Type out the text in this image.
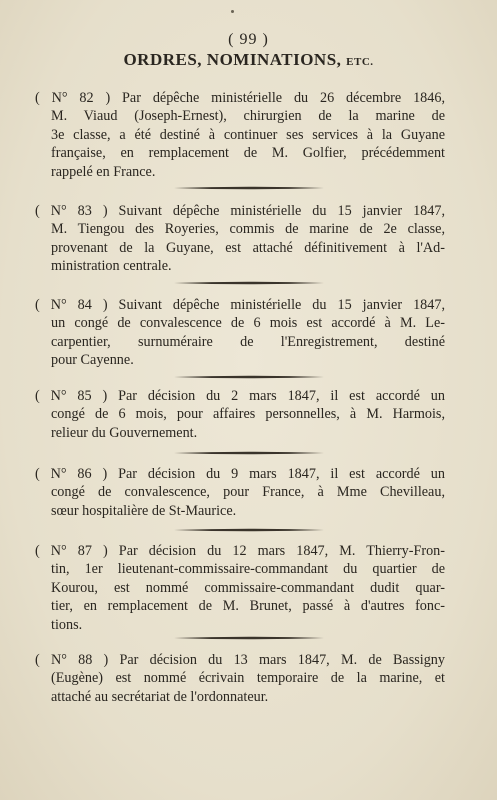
( 99 )
ORDRES, NOMINATIONS, ETC.
( N° 82 ) Par dépêche ministérielle du 26 décembre 1846,
M. Viaud (Joseph-Ernest), chirurgien de la marine de
3e classe, a été destiné à continuer ses services à la Guyane
française, en remplacement de M. Golfier, précédemment
rappelé en France.
( N° 83 ) Suivant dépêche ministérielle du 15 janvier 1847,
M. Tiengou des Royeries, commis de marine de 2e classe,
provenant de la Guyane, est attaché définitivement à l'Ad-
ministration centrale.
( N° 84 ) Suivant dépêche ministérielle du 15 janvier 1847,
un congé de convalescence de 6 mois est accordé à M. Le-
carpentier, surnuméraire de l'Enregistrement, destiné
pour Cayenne.
( N° 85 ) Par décision du 2 mars 1847, il est accordé un
congé de 6 mois, pour affaires personnelles, à M. Harmois,
relieur du Gouvernement.
( N° 86 ) Par décision du 9 mars 1847, il est accordé un
congé de convalescence, pour France, à Mme Chevilleau,
sœur hospitalière de St-Maurice.
( N° 87 ) Par décision du 12 mars 1847, M. Thierry-Fron-
tin, 1er lieutenant-commissaire-commandant du quartier de
Kourou, est nommé commissaire-commandant dudit quar-
tier, en remplacement de M. Brunet, passé à d'autres fonc-
tions.
( N° 88 ) Par décision du 13 mars 1847, M. de Bassigny
(Eugène) est nommé écrivain temporaire de la marine, et
attaché au secrétariat de l'ordonnateur.
